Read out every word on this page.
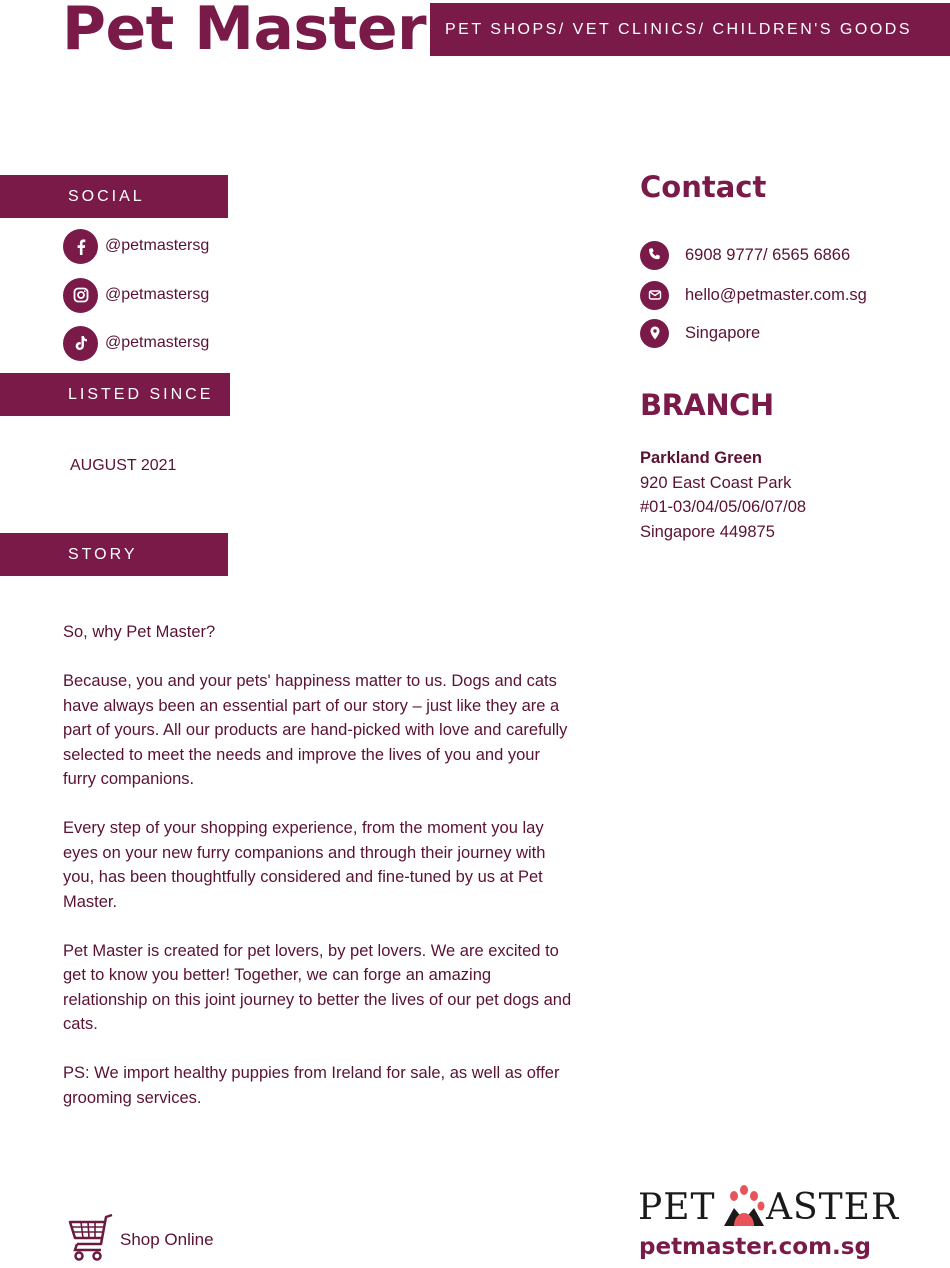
Pet Master	PET SHOPS/ VET CLINICS/ CHILDREN'S GOODS
SOCIAL
@petmastersg
@petmastersg
@petmastersg
LISTED SINCE
AUGUST 2021
STORY

So, why Pet Master?

Because, you and your pets' happiness matter to us. Dogs and cats have always been an essential part of our story – just like they are a part of yours. All our products are hand-picked with love and carefully selected to meet the needs and improve the lives of you and your furry companions.

Every step of your shopping experience, from the moment you lay eyes on your new furry companions and through their journey with you, has been thoughtfully considered and fine-tuned by us at Pet Master.

Pet Master is created for pet lovers, by pet lovers. We are excited to get to know you better! Together, we can forge an amazing relationship on this joint journey to better the lives of our pet dogs and cats.

PS: We import healthy puppies from Ireland for sale, as well as offer grooming services.

Contact
6908 9777/ 6565 6866
hello@petmaster.com.sg
Singapore
BRANCH
Parkland Green
920 East Coast Park
#01-03/04/05/06/07/08
Singapore 449875
Shop Online
PET ASTER
petmaster.com.sg
